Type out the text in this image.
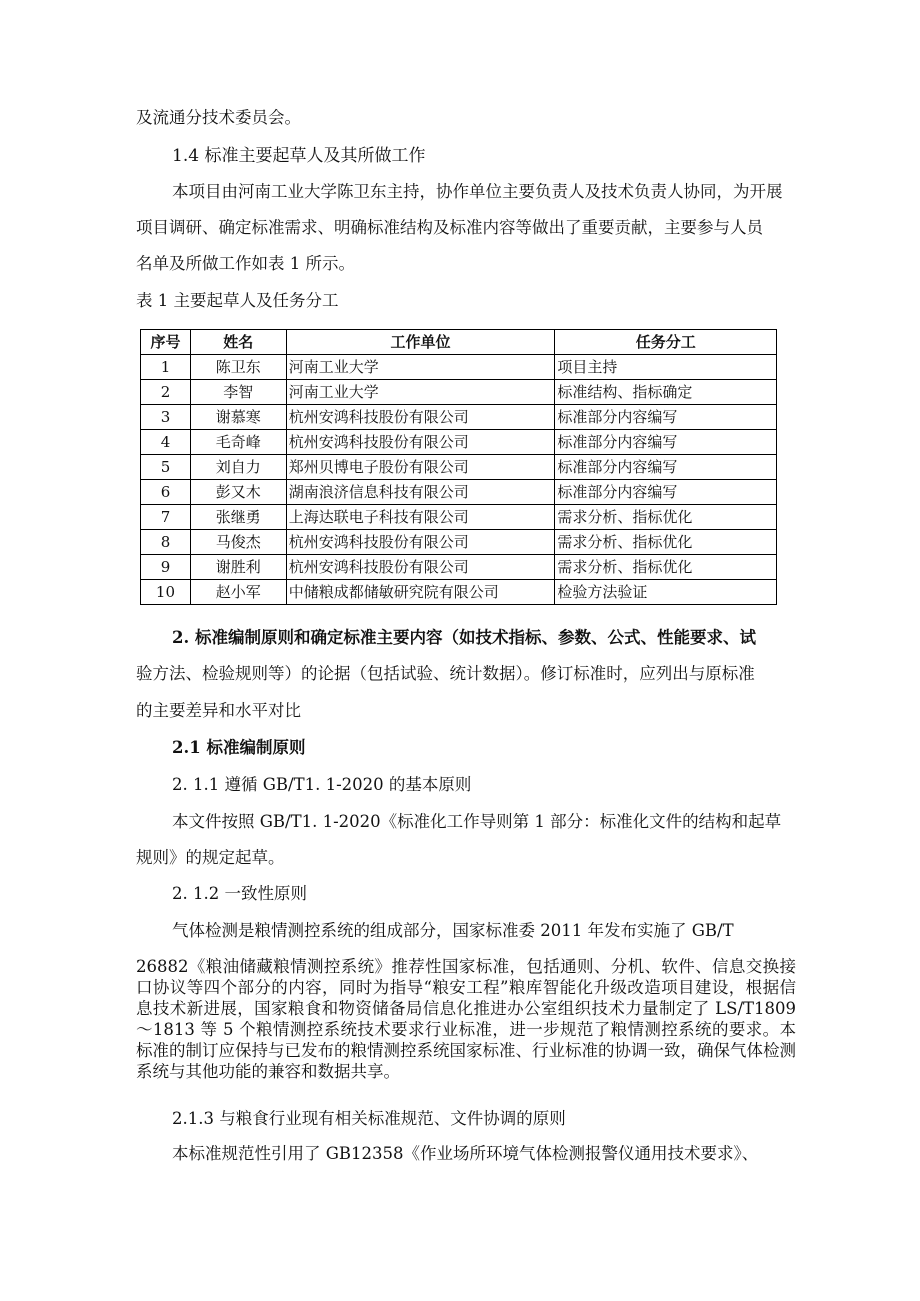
及流通分技术委员会。
1.4 标准主要起草人及其所做工作
本项目由河南工业大学陈卫东主持，协作单位主要负责人及技术负责人协同，为开展
项目调研、确定标准需求、明确标准结构及标准内容等做出了重要贡献，主要参与人员
名单及所做工作如表 1 所示。
表 1 主要起草人及任务分工
序号	姓名	工作单位	任务分工
1	陈卫东	河南工业大学	项目主持
2	李智	河南工业大学	标准结构、指标确定
3	谢慕寒	杭州安鸿科技股份有限公司	标准部分内容编写
4	毛奇峰	杭州安鸿科技股份有限公司	标准部分内容编写
5	刘自力	郑州贝博电子股份有限公司	标准部分内容编写
6	彭又木	湖南浪济信息科技有限公司	标准部分内容编写
7	张继勇	上海达联电子科技有限公司	需求分析、指标优化
8	马俊杰	杭州安鸿科技股份有限公司	需求分析、指标优化
9	谢胜利	杭州安鸿科技股份有限公司	需求分析、指标优化
10	赵小军	中储粮成都储敏研究院有限公司	检验方法验证
2. 标准编制原则和确定标准主要内容（如技术指标、参数、公式、性能要求、试
验方法、检验规则等）的论据（包括试验、统计数据）。修订标准时，应列出与原标准
的主要差异和水平对比
2.1 标准编制原则
2. 1.1 遵循 GB/T1. 1-2020 的基本原则
本文件按照 GB/T1. 1-2020《标准化工作导则第 1 部分：标准化文件的结构和起草
规则》的规定起草。
2. 1.2 一致性原则
气体检测是粮情测控系统的组成部分，国家标准委 2011 年发布实施了 GB/T
26882《粮油储藏粮情测控系统》推荐性国家标准，包括通则、分机、软件、信息交换接口协议等四个部分的内容，同时为指导“粮安工程”粮库智能化升级改造项目建设，根据信息技术新进展，国家粮食和物资储备局信息化推进办公室组织技术力量制定了 LS/T1809～1813 等 5 个粮情测控系统技术要求行业标准，进一步规范了粮情测控系统的要求。本标准的制订应保持与已发布的粮情测控系统国家标准、行业标准的协调一致，确保气体检测系统与其他功能的兼容和数据共享。
2.1.3 与粮食行业现有相关标准规范、文件协调的原则
本标准规范性引用了 GB12358《作业场所环境气体检测报警仪通用技术要求》、
